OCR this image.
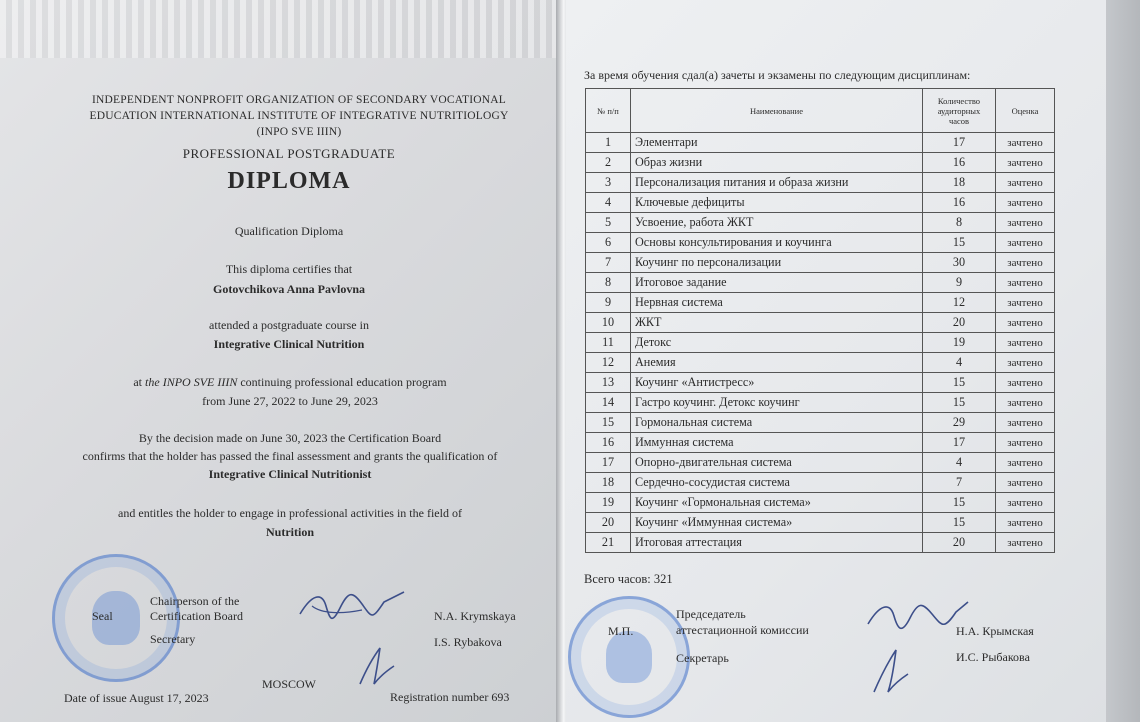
INDEPENDENT NONPROFIT ORGANIZATION OF SECONDARY VOCATIONAL
EDUCATION INTERNATIONAL INSTITUTE OF INTEGRATIVE NUTRITIOLOGY
(INPO SVE IIIN)
PROFESSIONAL POSTGRADUATE
DIPLOMA
Qualification Diploma
This diploma certifies that
Gotovchikova Anna Pavlovna
attended a postgraduate course in
Integrative Clinical Nutrition
at the INPO SVE IIIN continuing professional education program
from June 27, 2022 to June 29, 2023
By the decision made on June 30, 2023 the Certification Board
confirms that the holder has passed the final assessment and grants the qualification of
Integrative Clinical Nutritionist
and entitles the holder to engage in professional activities in the field of
Nutrition
Seal
Chairperson of the
Certification Board
Secretary
N.A. Krymskaya
I.S. Rybakova
MOSCOW
Date of issue August 17, 2023	Registration number 693
За время обучения сдал(а) зачеты и экзамены по следующим дисциплинам:
№ п/п	Наименование	Количество аудиторных часов	Оценка
1	Элементари	17	зачтено
2	Образ жизни	16	зачтено
3	Персонализация питания и образа жизни	18	зачтено
4	Ключевые дефициты	16	зачтено
5	Усвоение, работа ЖКТ	8	зачтено
6	Основы консультирования и коучинга	15	зачтено
7	Коучинг по персонализации	30	зачтено
8	Итоговое задание	9	зачтено
9	Нервная система	12	зачтено
10	ЖКТ	20	зачтено
11	Детокс	19	зачтено
12	Анемия	4	зачтено
13	Коучинг «Антистресс»	15	зачтено
14	Гастро коучинг. Детокс коучинг	15	зачтено
15	Гормональная система	29	зачтено
16	Иммунная система	17	зачтено
17	Опорно-двигательная система	4	зачтено
18	Сердечно-сосудистая система	7	зачтено
19	Коучинг «Гормональная система»	15	зачтено
20	Коучинг «Иммунная система»	15	зачтено
21	Итоговая аттестация	20	зачтено
Всего часов: 321
М.П.
Председатель
аттестационной комиссии
Секретарь
Н.А. Крымская
И.С. Рыбакова
